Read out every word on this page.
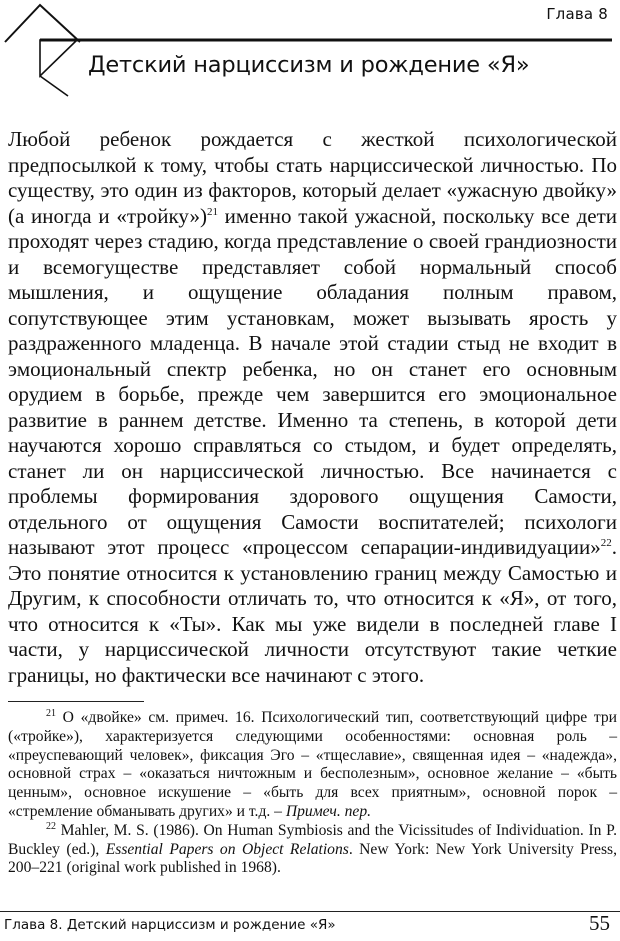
Глава 8
Детский нарциссизм и рождение «Я»

Любой ребенок рождается с жесткой психологической предпосылкой к тому, чтобы стать нарциссической личностью. По существу, это один из факторов, который делает «ужасную двойку» (а иногда и «тройку»)$^{21}$ именно такой ужасной, поскольку все дети проходят через стадию, когда представление о своей грандиозности и всемогуществе представляет собой нормальный способ мышления, и ощущение обладания полным правом, сопутствующее этим установкам, может вызывать ярость у раздраженного младенца. В начале этой стадии стыд не входит в эмоциональный спектр ребенка, но он станет его основным орудием в борьбе, прежде чем завершится его эмоциональное развитие в раннем детстве. Именно та степень, в которой дети научаются хорошо справляться со стыдом, и будет определять, станет ли он нарциссической личностью. Все начинается с проблемы формирования здорового ощущения Самости, отдельного от ощущения Самости воспитателей; психологи называют этот процесс «процессом сепарации-индивидуации»$^{22}$. Это понятие относится к установлению границ между Самостью и Другим, к способности отличать то, что относится к «Я», от того, что относится к «Ты». Как мы уже видели в последней главе I части, у нарциссической личности отсутствуют такие четкие границы, но фактически все начинают с этого.

$^{21}$ О «двойке» см. примеч. 16. Психологический тип, соответствующий цифре три («тройке»), характеризуется следующими особенностями: основная роль – «преуспевающий человек», фиксация Эго – «тщеславие», священная идея – «надежда», основной страх – «оказаться ничтожным и бесполезным», основное желание – «быть ценным», основное искушение – «быть для всех приятным», основной порок – «стремление обманывать других» и т.д. – Примеч. пер.

$^{22}$ Mahler, M. S. (1986). On Human Symbiosis and the Vicissitudes of Individuation. In P. Buckley (ed.), Essential Papers on Object Relations. New York: New York University Press, 200–221 (original work published in 1968).

Глава 8. Детский нарциссизм и рождение «Я»	55
